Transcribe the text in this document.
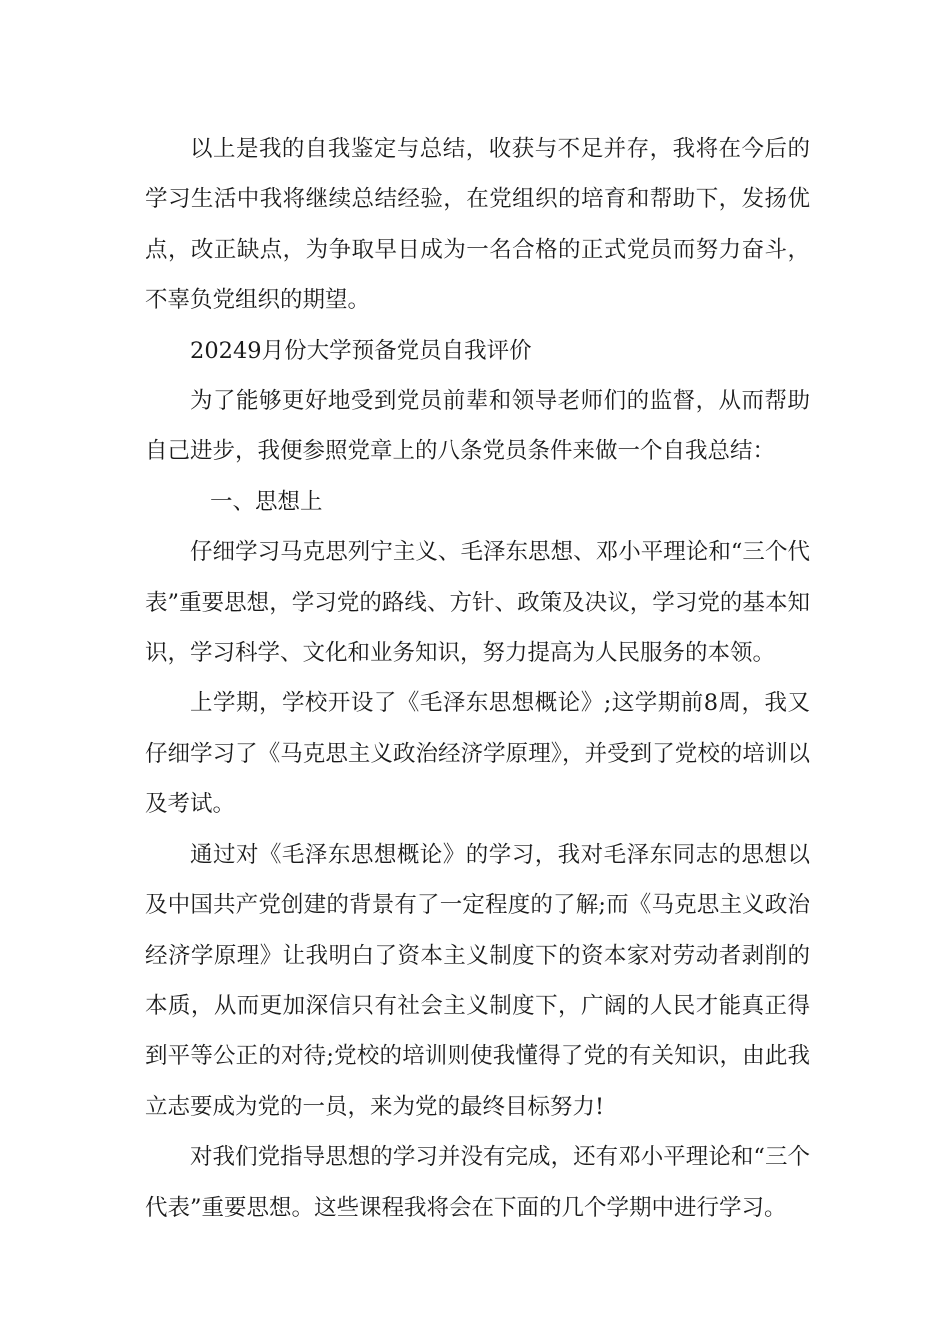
以上是我的自我鉴定与总结，收获与不足并存，我将在今后的学习生活中我将继续总结经验，在党组织的培育和帮助下，发扬优点，改正缺点，为争取早日成为一名合格的正式党员而努力奋斗，不辜负党组织的期望。

20249月份大学预备党员自我评价

为了能够更好地受到党员前辈和领导老师们的监督，从而帮助自己进步，我便参照党章上的八条党员条件来做一个自我总结：

一、思想上

仔细学习马克思列宁主义、毛泽东思想、邓小平理论和“三个代表”重要思想，学习党的路线、方针、政策及决议，学习党的基本知识，学习科学、文化和业务知识，努力提高为人民服务的本领。

上学期，学校开设了《毛泽东思想概论》;这学期前8周，我又仔细学习了《马克思主义政治经济学原理》，并受到了党校的培训以及考试。

通过对《毛泽东思想概论》的学习，我对毛泽东同志的思想以及中国共产党创建的背景有了一定程度的了解;而《马克思主义政治经济学原理》让我明白了资本主义制度下的资本家对劳动者剥削的本质，从而更加深信只有社会主义制度下，广阔的人民才能真正得到平等公正的对待;党校的培训则使我懂得了党的有关知识，由此我立志要成为党的一员，来为党的最终目标努力!

对我们党指导思想的学习并没有完成，还有邓小平理论和“三个代表”重要思想。这些课程我将会在下面的几个学期中进行学习。
